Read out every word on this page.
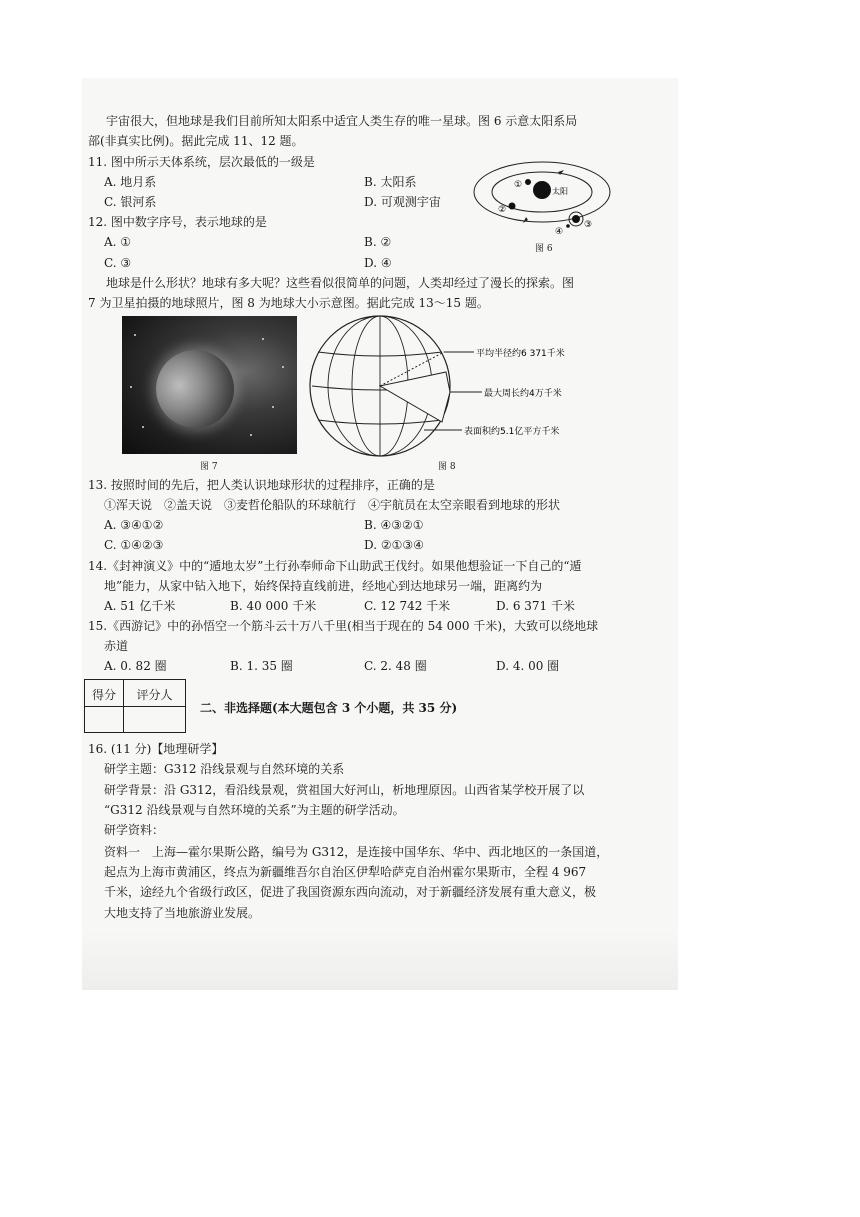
宇宙很大，但地球是我们目前所知太阳系中适宜人类生存的唯一星球。图 6 示意太阳系局
部(非真实比例)。据此完成 11、12 题。
11. 图中所示天体系统，层次最低的一级是
A. 地月系	B. 太阳系
C. 银河系	D. 可观测宇宙
12. 图中数字序号，表示地球的是
A. ①	B. ②
C. ③	D. ④
太阳
①
②
③
④
图 6
地球是什么形状？地球有多大呢？这些看似很简单的问题，人类却经过了漫长的探索。图
7 为卫星拍摄的地球照片，图 8 为地球大小示意图。据此完成 13～15 题。
图 7
平均半径约6 371千米
最大周长约4万千米
表面积约5.1亿平方千米
图 8
13. 按照时间的先后，把人类认识地球形状的过程排序，正确的是
①浑天说　②盖天说　③麦哲伦船队的环球航行　④宇航员在太空亲眼看到地球的形状
A. ③④①②	B. ④③②①
C. ①④②③	D. ②①③④
14.《封神演义》中的“遁地太岁”土行孙奉师命下山助武王伐纣。如果他想验证一下自己的“遁
地”能力，从家中钻入地下，始终保持直线前进，经地心到达地球另一端，距离约为
A. 51 亿千米	B. 40 000 千米	C. 12 742 千米	D. 6 371 千米
15.《西游记》中的孙悟空一个筋斗云十万八千里(相当于现在的 54 000 千米)，大致可以绕地球
赤道
A. 0. 82 圈	B. 1. 35 圈	C. 2. 48 圈	D. 4. 00 圈
得分	评分人
二、非选择题(本大题包含 3 个小题，共 35 分)
16. (11 分)【地理研学】
研学主题：G312 沿线景观与自然环境的关系
研学背景：沿 G312，看沿线景观，赏祖国大好河山，析地理原因。山西省某学校开展了以
“G312 沿线景观与自然环境的关系”为主题的研学活动。
研学资料：
资料一　上海—霍尔果斯公路，编号为 G312，是连接中国华东、华中、西北地区的一条国道，
起点为上海市黄浦区，终点为新疆维吾尔自治区伊犁哈萨克自治州霍尔果斯市，全程 4 967
千米，途经九个省级行政区，促进了我国资源东西向流动，对于新疆经济发展有重大意义，极
大地支持了当地旅游业发展。
